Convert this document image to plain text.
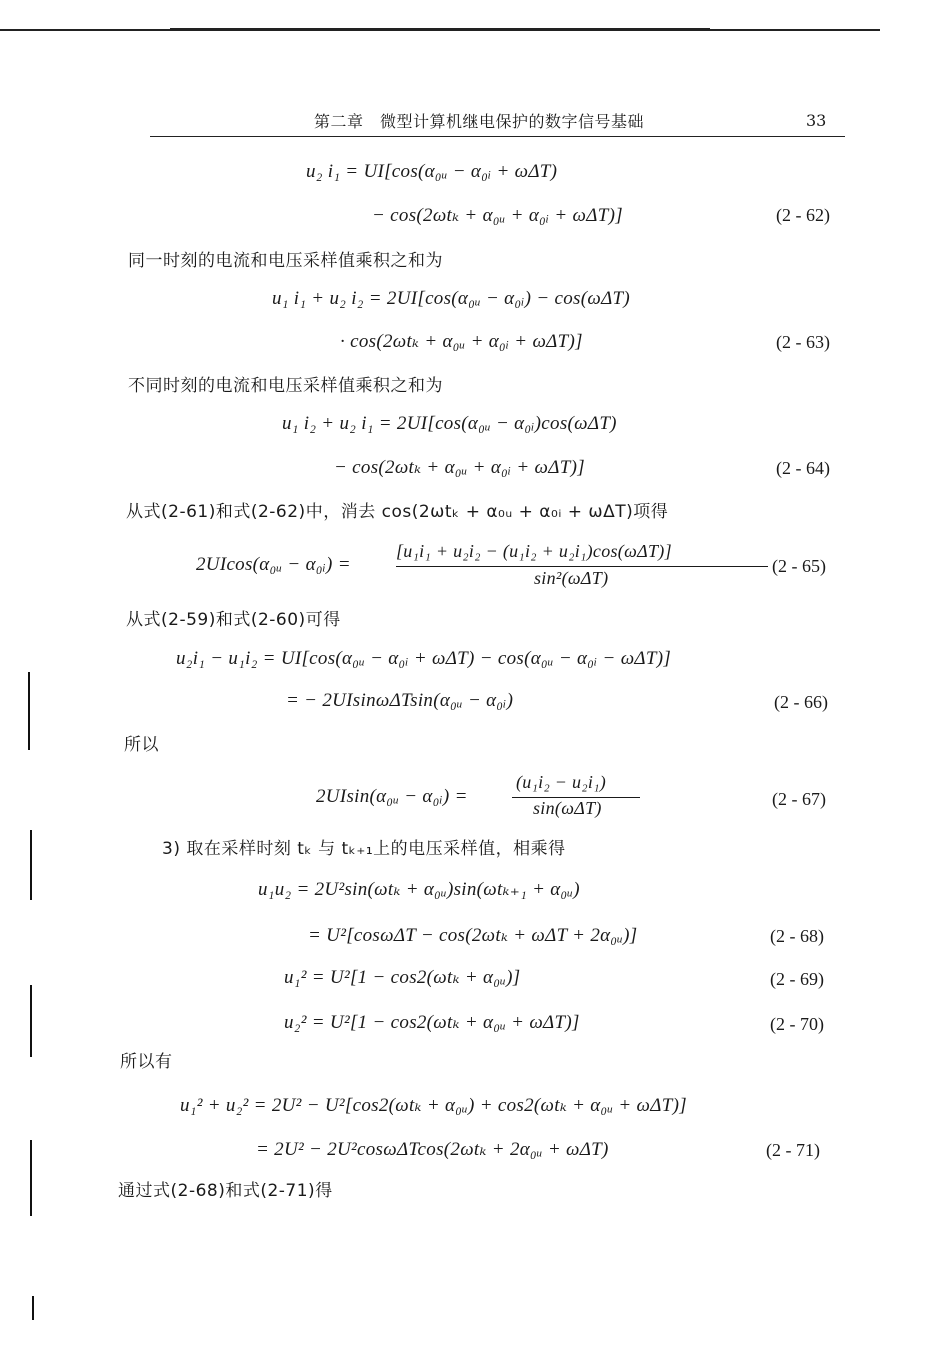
第二章　微型计算机继电保护的数字信号基础	33
u₂ i₁ = UI[cos(α₀ᵤ − α₀ᵢ + ωΔT)
− cos(2ωtₖ + α₀ᵤ + α₀ᵢ + ωΔT)]	(2 - 62)
同一时刻的电流和电压采样值乘积之和为
u₁ i₁ + u₂ i₂ = 2UI[cos(α₀ᵤ − α₀ᵢ) − cos(ωΔT)
· cos(2ωtₖ + α₀ᵤ + α₀ᵢ + ωΔT)]	(2 - 63)
不同时刻的电流和电压采样值乘积之和为
u₁ i₂ + u₂ i₁ = 2UI[cos(α₀ᵤ − α₀ᵢ)cos(ωΔT)
− cos(2ωtₖ + α₀ᵤ + α₀ᵢ + ωΔT)]	(2 - 64)
从式(2-61)和式(2-62)中，消去 cos(2ωtₖ + α₀ᵤ + α₀ᵢ + ωΔT)项得
2UIcos(α₀ᵤ − α₀ᵢ) =
[u₁i₁ + u₂i₂ − (u₁i₂ + u₂i₁)cos(ωΔT)]
sin²(ωΔT)
(2 - 65)
从式(2-59)和式(2-60)可得
u₂i₁ − u₁i₂ = UI[cos(α₀ᵤ − α₀ᵢ + ωΔT) − cos(α₀ᵤ − α₀ᵢ − ωΔT)]
= − 2UIsinωΔTsin(α₀ᵤ − α₀ᵢ)	(2 - 66)
所以
2UIsin(α₀ᵤ − α₀ᵢ) =
(u₁i₂ − u₂i₁)
sin(ωΔT)	(2 - 67)
3) 取在采样时刻 tₖ 与 tₖ₊₁上的电压采样值，相乘得
u₁u₂ = 2U²sin(ωtₖ + α₀ᵤ)sin(ωtₖ₊₁ + α₀ᵤ)
= U²[cosωΔT − cos(2ωtₖ + ωΔT + 2α₀ᵤ)]	(2 - 68)
u₁² = U²[1 − cos2(ωtₖ + α₀ᵤ)]	(2 - 69)
u₂² = U²[1 − cos2(ωtₖ + α₀ᵤ + ωΔT)]	(2 - 70)
所以有
u₁² + u₂² = 2U² − U²[cos2(ωtₖ + α₀ᵤ) + cos2(ωtₖ + α₀ᵤ + ωΔT)]
= 2U² − 2U²cosωΔTcos(2ωtₖ + 2α₀ᵤ + ωΔT)	(2 - 71)
通过式(2-68)和式(2-71)得
